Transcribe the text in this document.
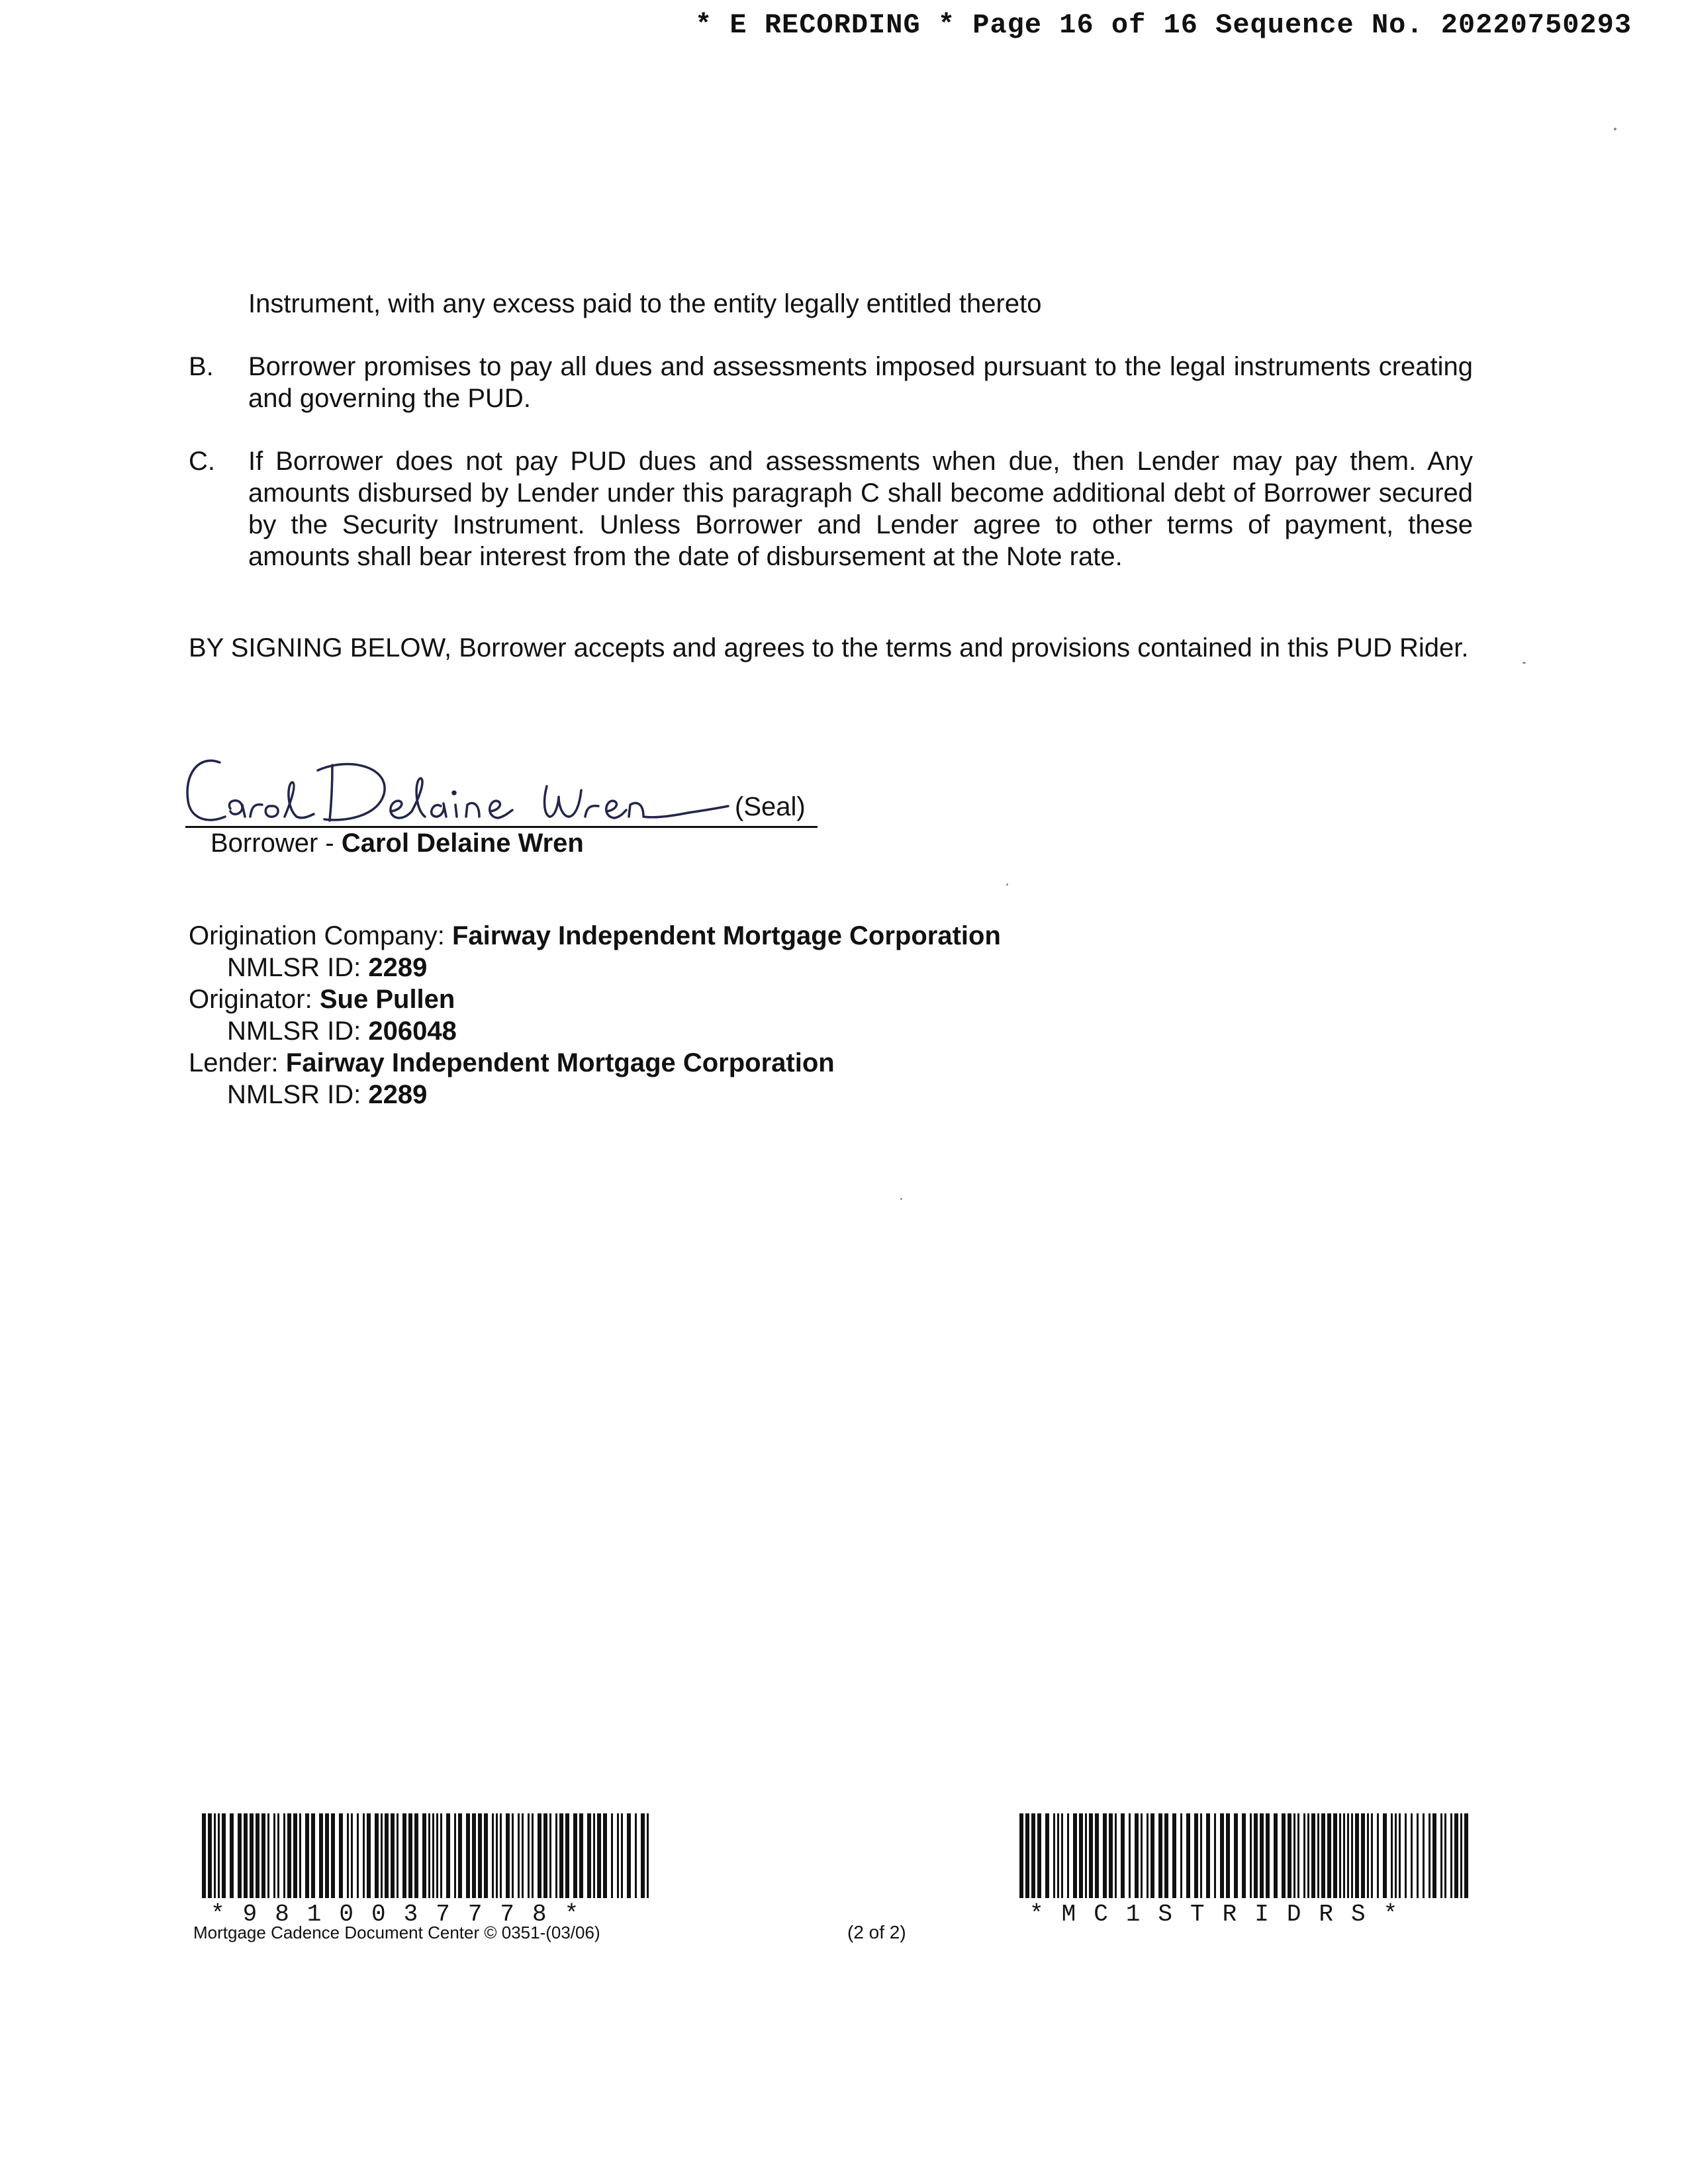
* E RECORDING * Page 16 of 16 Sequence No. 20220750293
Instrument, with any excess paid to the entity legally entitled thereto
B.	Borrower promises to pay all dues and assessments imposed pursuant to the legal instruments creating and governing the PUD.
C.	If Borrower does not pay PUD dues and assessments when due, then Lender may pay them. Any amounts disbursed by Lender under this paragraph C shall become additional debt of Borrower secured by the Security Instrument. Unless Borrower and Lender agree to other terms of payment, these amounts shall bear interest from the date of disbursement at the Note rate.
BY SIGNING BELOW, Borrower accepts and agrees to the terms and provisions contained in this PUD Rider.
(Seal)
Borrower - Carol Delaine Wren
Origination Company: Fairway Independent Mortgage Corporation
NMLSR ID: 2289
Originator: Sue Pullen
NMLSR ID: 206048
Lender: Fairway Independent Mortgage Corporation
NMLSR ID: 2289
*9810037778*	*MC1STRIDRS*
Mortgage Cadence Document Center © 0351-(03/06)	(2 of 2)
